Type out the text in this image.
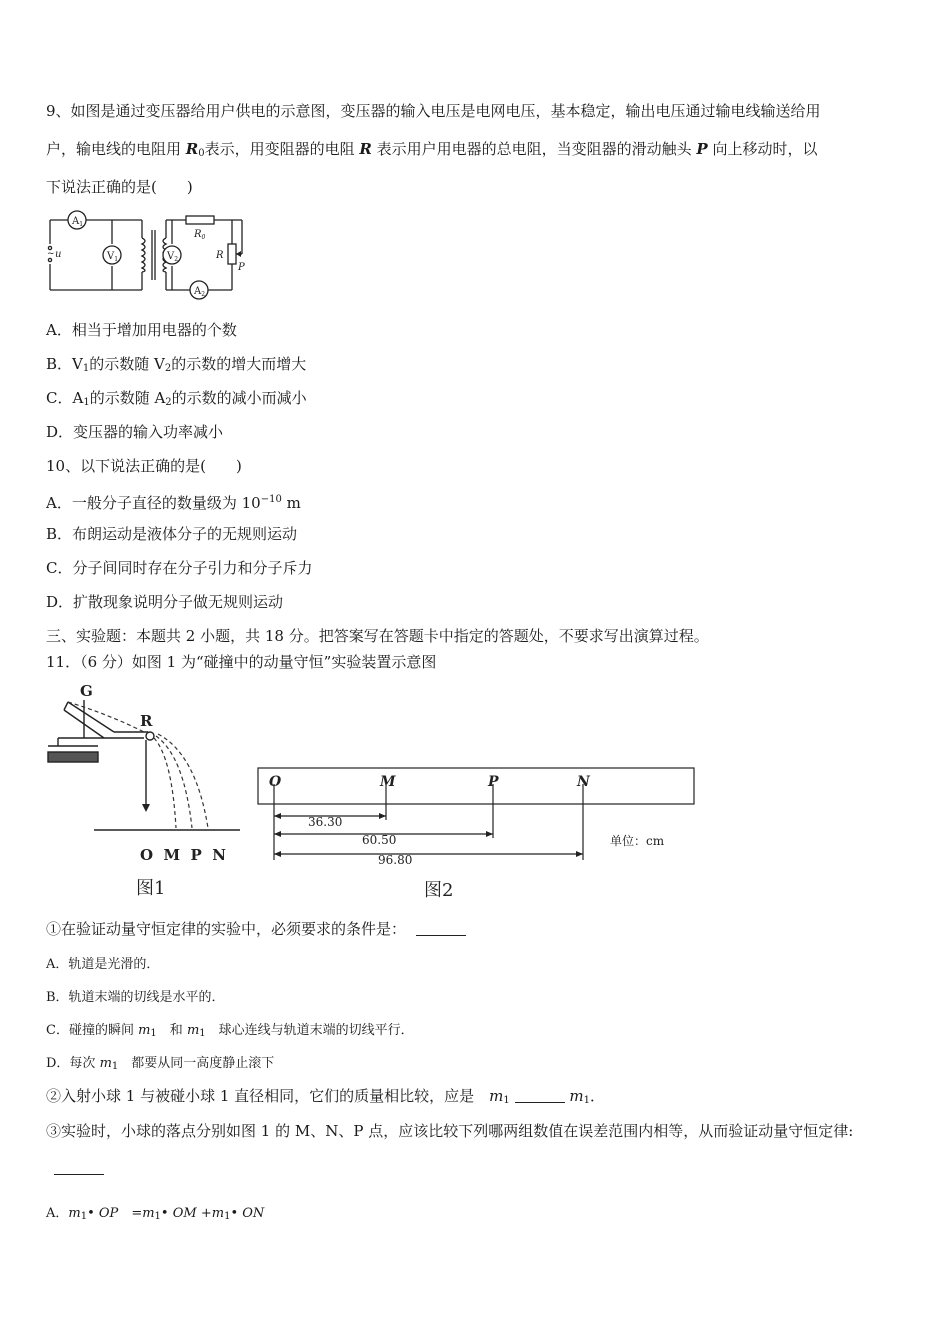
9、如图是通过变压器给用户供电的示意图，变压器的输入电压是电网电压，基本稳定，输出电压通过输电线输送给用
户，输电线的电阻用 $R_0$表示，用变阻器的电阻 R 表示用户用电器的总电阻，当变阻器的滑动触头 P 向上移动时，以
下说法正确的是(　　)
~ u
$A_1$
$V_1$	$V_2$
$A_2$
$R_0$
R
P
A．相当于增加用电器的个数
B．$V_1$的示数随 $V_2$的示数的增大而增大
C．$A_1$的示数随 $A_2$的示数的减小而减小
D．变压器的输入功率减小
10、以下说法正确的是(　　)
A．一般分子直径的数量级为 $10^{-10}$ m
B．布朗运动是液体分子的无规则运动
C．分子间同时存在分子引力和分子斥力
D．扩散现象说明分子做无规则运动
三、实验题：本题共 2 小题，共 18 分。把答案写在答题卡中指定的答题处，不要求写出演算过程。
11．（6 分）如图 1 为“碰撞中的动量守恒”实验装置示意图
G
R
O  M  P  N
图1
O	M	P	N
36.30
60.50
96.80
单位：cm
图2
①在验证动量守恒定律的实验中，必须要求的条件是：
A．轨道是光滑的．
B．轨道末端的切线是水平的．
C．碰撞的瞬间 $m_1$　和 $m_1$　球心连线与轨道末端的切线平行．
D．每次 $m_1$　都要从同一高度静止滚下
②入射小球 1 与被碰小球 1 直径相同，它们的质量相比较，应是　$m_1$	$m_1$．
③实验时，小球的落点分别如图 1 的 M、N、P 点，应该比较下列哪两组数值在误差范围内相等，从而验证动量守恒定律:
A．$m_1•$ OP　$=m_1•$ OM $+m_1•$ ON
